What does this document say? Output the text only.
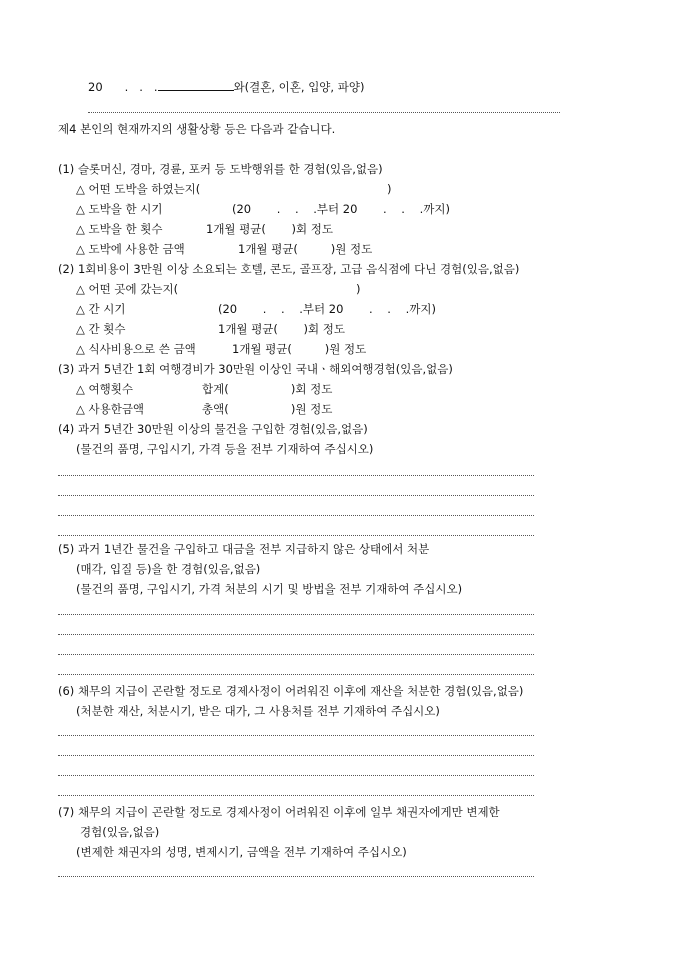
20 .   .   .	와(결혼, 이혼, 입양, 파양)
제4 본인의 현재까지의 생활상황 등은 다음과 같습니다.
(1) 슬롯머신, 경마, 경륜, 포커 등 도박행위를 한 경험(있음,없음)
△ 어떤 도박을 하였는지(	)
△ 도박을 한 시기	(20       .    .    .부터 20       .    .    .까지)
△ 도박을 한 횟수	1개월 평균(       )회 정도
△ 도박에 사용한 금액	1개월 평균(         )원 정도
(2) 1회비용이 3만원 이상 소요되는 호텔, 콘도, 골프장, 고급 음식점에 다닌 경험(있음,없음)
△ 어떤 곳에 갔는지(	)
△ 간 시기	(20       .    .    .부터 20       .    .    .까지)
△ 간 횟수	1개월 평균(       )회 정도
△ 식사비용으로 쓴 금액	1개월 평균(         )원 정도
(3) 과거 5년간 1회 여행경비가 30만원 이상인 국내ㆍ해외여행경험(있음,없음)
△ 여행횟수	합계(                 )회 정도
△ 사용한금액	총액(                 )원 정도
(4) 과거 5년간 30만원 이상의 물건을 구입한 경험(있음,없음)
(물건의 품명, 구입시기, 가격 등을 전부 기재하여 주십시오)
(5) 과거 1년간 물건을 구입하고 대금을 전부 지급하지 않은 상태에서 처분
(매각, 입질 등)을 한 경험(있음,없음)
(물건의 품명, 구입시기, 가격 처분의 시기 및 방법을 전부 기재하여 주십시오)
(6) 채무의 지급이 곤란할 정도로 경제사정이 어려워진 이후에 재산을 처분한 경험(있음,없음)
(처분한 재산, 처분시기, 받은 대가, 그 사용처를 전부 기재하여 주십시오)
(7) 채무의 지급이 곤란할 정도로 경제사정이 어려워진 이후에 일부 채권자에게만 변제한
경험(있음,없음)
(변제한 채권자의 성명, 변제시기, 금액을 전부 기재하여 주십시오)
